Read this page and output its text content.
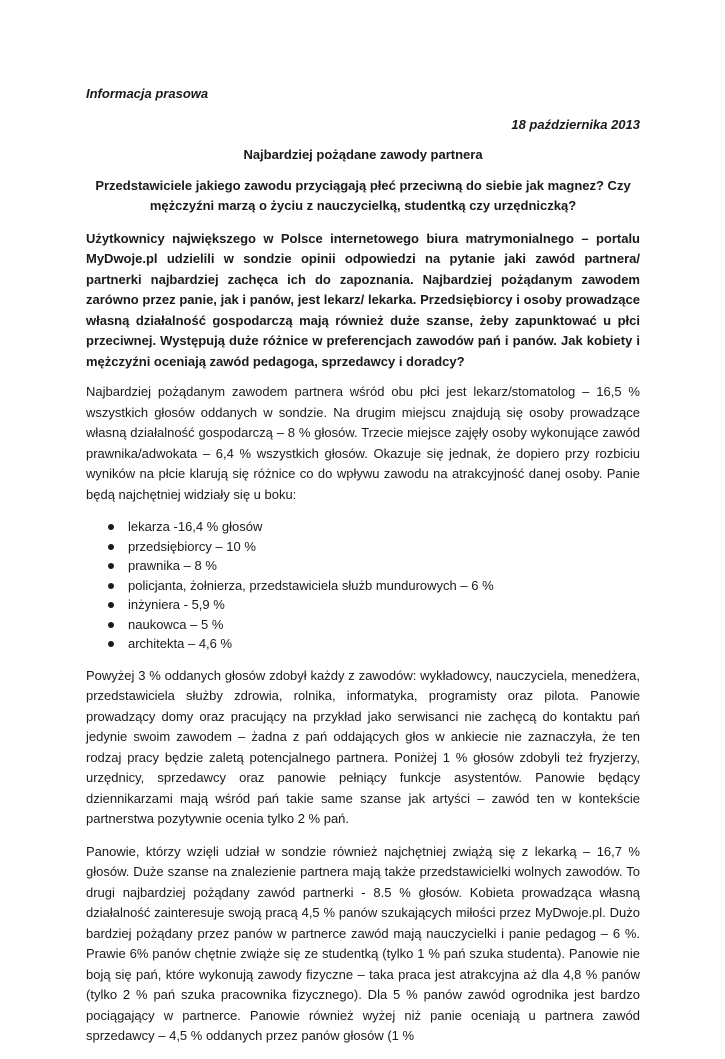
Informacja prasowa

18 października 2013

Najbardziej pożądane zawody partnera

Przedstawiciele jakiego zawodu przyciągają płeć przeciwną do siebie jak magnez? Czy mężczyźni marzą o życiu z nauczycielką, studentką czy urzędniczką?

Użytkownicy największego w Polsce internetowego biura matrymonialnego – portalu MyDwoje.pl udzielili w sondzie opinii odpowiedzi na pytanie jaki zawód partnera/ partnerki najbardziej zachęca ich do zapoznania. Najbardziej pożądanym zawodem zarówno przez panie, jak i panów, jest lekarz/ lekarka. Przedsiębiorcy i osoby prowadzące własną działalność gospodarczą mają również duże szanse, żeby zapunktować u płci przeciwnej. Występują duże różnice w preferencjach zawodów pań i panów. Jak kobiety i mężczyźni oceniają zawód pedagoga, sprzedawcy i doradcy?

Najbardziej pożądanym zawodem partnera wśród obu płci jest lekarz/stomatolog – 16,5 % wszystkich głosów oddanych w sondzie. Na drugim miejscu znajdują się osoby prowadzące własną działalność gospodarczą – 8 % głosów. Trzecie miejsce zajęły osoby wykonujące zawód prawnika/adwokata – 6,4 % wszystkich głosów. Okazuje się jednak, że dopiero przy rozbiciu wyników na płcie klarują się różnice co do wpływu zawodu na atrakcyjność danej osoby. Panie będą najchętniej widziały się u boku:

lekarza -16,4 % głosów
przedsiębiorcy – 10 %
prawnika – 8 %
policjanta, żołnierza, przedstawiciela służb mundurowych – 6 %
inżyniera - 5,9 %
naukowca – 5 %
architekta – 4,6 %

Powyżej 3 % oddanych głosów zdobył każdy z zawodów: wykładowcy, nauczyciela, menedżera, przedstawiciela służby zdrowia, rolnika, informatyka, programisty oraz pilota. Panowie prowadzący domy oraz pracujący na przykład jako serwisanci nie zachęcą do kontaktu pań jedynie swoim zawodem – żadna z pań oddających głos w ankiecie nie zaznaczyła, że ten rodzaj pracy będzie zaletą potencjalnego partnera. Poniżej 1 % głosów zdobyli też fryzjerzy, urzędnicy, sprzedawcy oraz panowie pełniący funkcje asystentów. Panowie będący dziennikarzami mają wśród pań takie same szanse jak artyści – zawód ten w kontekście partnerstwa pozytywnie ocenia tylko 2 % pań.

Panowie, którzy wzięli udział w sondzie również najchętniej zwiążą się z lekarką – 16,7 % głosów. Duże szanse na znalezienie partnera mają także przedstawicielki wolnych zawodów. To drugi najbardziej pożądany zawód partnerki - 8.5 % głosów. Kobieta prowadząca własną działalność zainteresuje swoją pracą 4,5 % panów szukających miłości przez MyDwoje.pl. Dużo bardziej pożądany przez panów w partnerce zawód mają nauczycielki i panie pedagog – 6 %. Prawie 6% panów chętnie zwiąże się ze studentką (tylko 1 % pań szuka studenta). Panowie nie boją się pań, które wykonują zawody fizyczne – taka praca jest atrakcyjna aż dla 4,8 % panów (tylko 2 % pań szuka pracownika fizycznego). Dla 5 % panów zawód ogrodnika jest bardzo pociągający w partnerce. Panowie również wyżej niż panie oceniają u partnera zawód sprzedawcy – 4,5 % oddanych przez panów głosów (1 %
